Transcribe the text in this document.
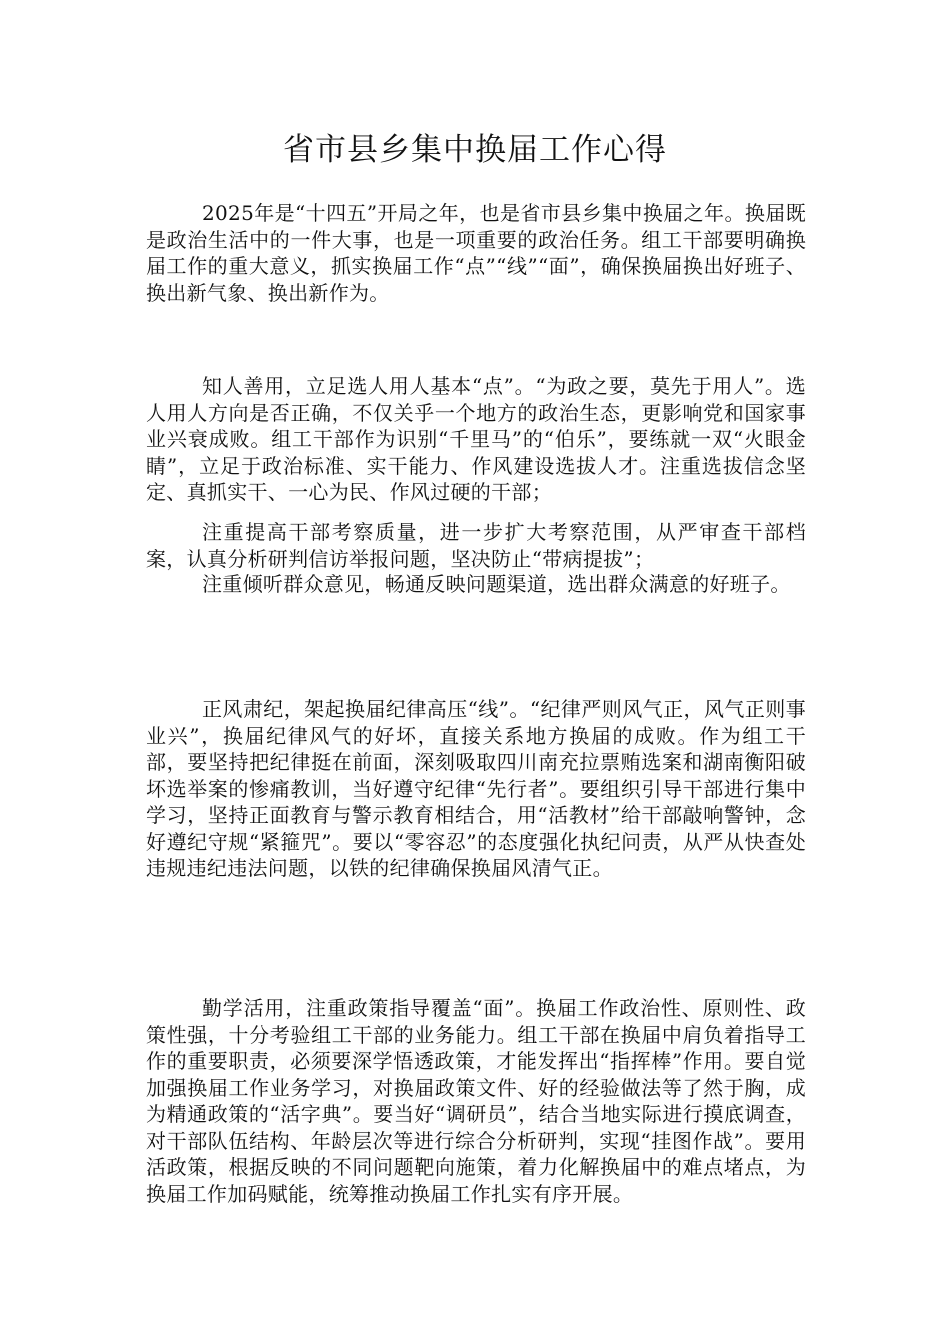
省市县乡集中换届工作心得

2025年是“十四五”开局之年，也是省市县乡集中换届之年。换届既是政治生活中的一件大事，也是一项重要的政治任务。组工干部要明确换届工作的重大意义，抓实换届工作“点”“线”“面”，确保换届换出好班子、换出新气象、换出新作为。

知人善用，立足选人用人基本“点”。“为政之要，莫先于用人”。选人用人方向是否正确，不仅关乎一个地方的政治生态，更影响党和国家事业兴衰成败。组工干部作为识别“千里马”的“伯乐”，要练就一双“火眼金睛”，立足于政治标准、实干能力、作风建设选拔人才。注重选拔信念坚定、真抓实干、一心为民、作风过硬的干部；

注重提高干部考察质量，进一步扩大考察范围，从严审查干部档案，认真分析研判信访举报问题，坚决防止“带病提拔”；

注重倾听群众意见，畅通反映问题渠道，选出群众满意的好班子。

正风肃纪，架起换届纪律高压“线”。“纪律严则风气正，风气正则事业兴”，换届纪律风气的好坏，直接关系地方换届的成败。作为组工干部，要坚持把纪律挺在前面，深刻吸取四川南充拉票贿选案和湖南衡阳破坏选举案的惨痛教训，当好遵守纪律“先行者”。要组织引导干部进行集中学习，坚持正面教育与警示教育相结合，用“活教材”给干部敲响警钟，念好遵纪守规“紧箍咒”。要以“零容忍”的态度强化执纪问责，从严从快查处违规违纪违法问题，以铁的纪律确保换届风清气正。

勤学活用，注重政策指导覆盖“面”。换届工作政治性、原则性、政策性强，十分考验组工干部的业务能力。组工干部在换届中肩负着指导工作的重要职责，必须要深学悟透政策，才能发挥出“指挥棒”作用。要自觉加强换届工作业务学习，对换届政策文件、好的经验做法等了然于胸，成为精通政策的“活字典”。要当好“调研员”，结合当地实际进行摸底调查，对干部队伍结构、年龄层次等进行综合分析研判，实现“挂图作战”。要用活政策，根据反映的不同问题靶向施策，着力化解换届中的难点堵点，为换届工作加码赋能，统筹推动换届工作扎实有序开展。
